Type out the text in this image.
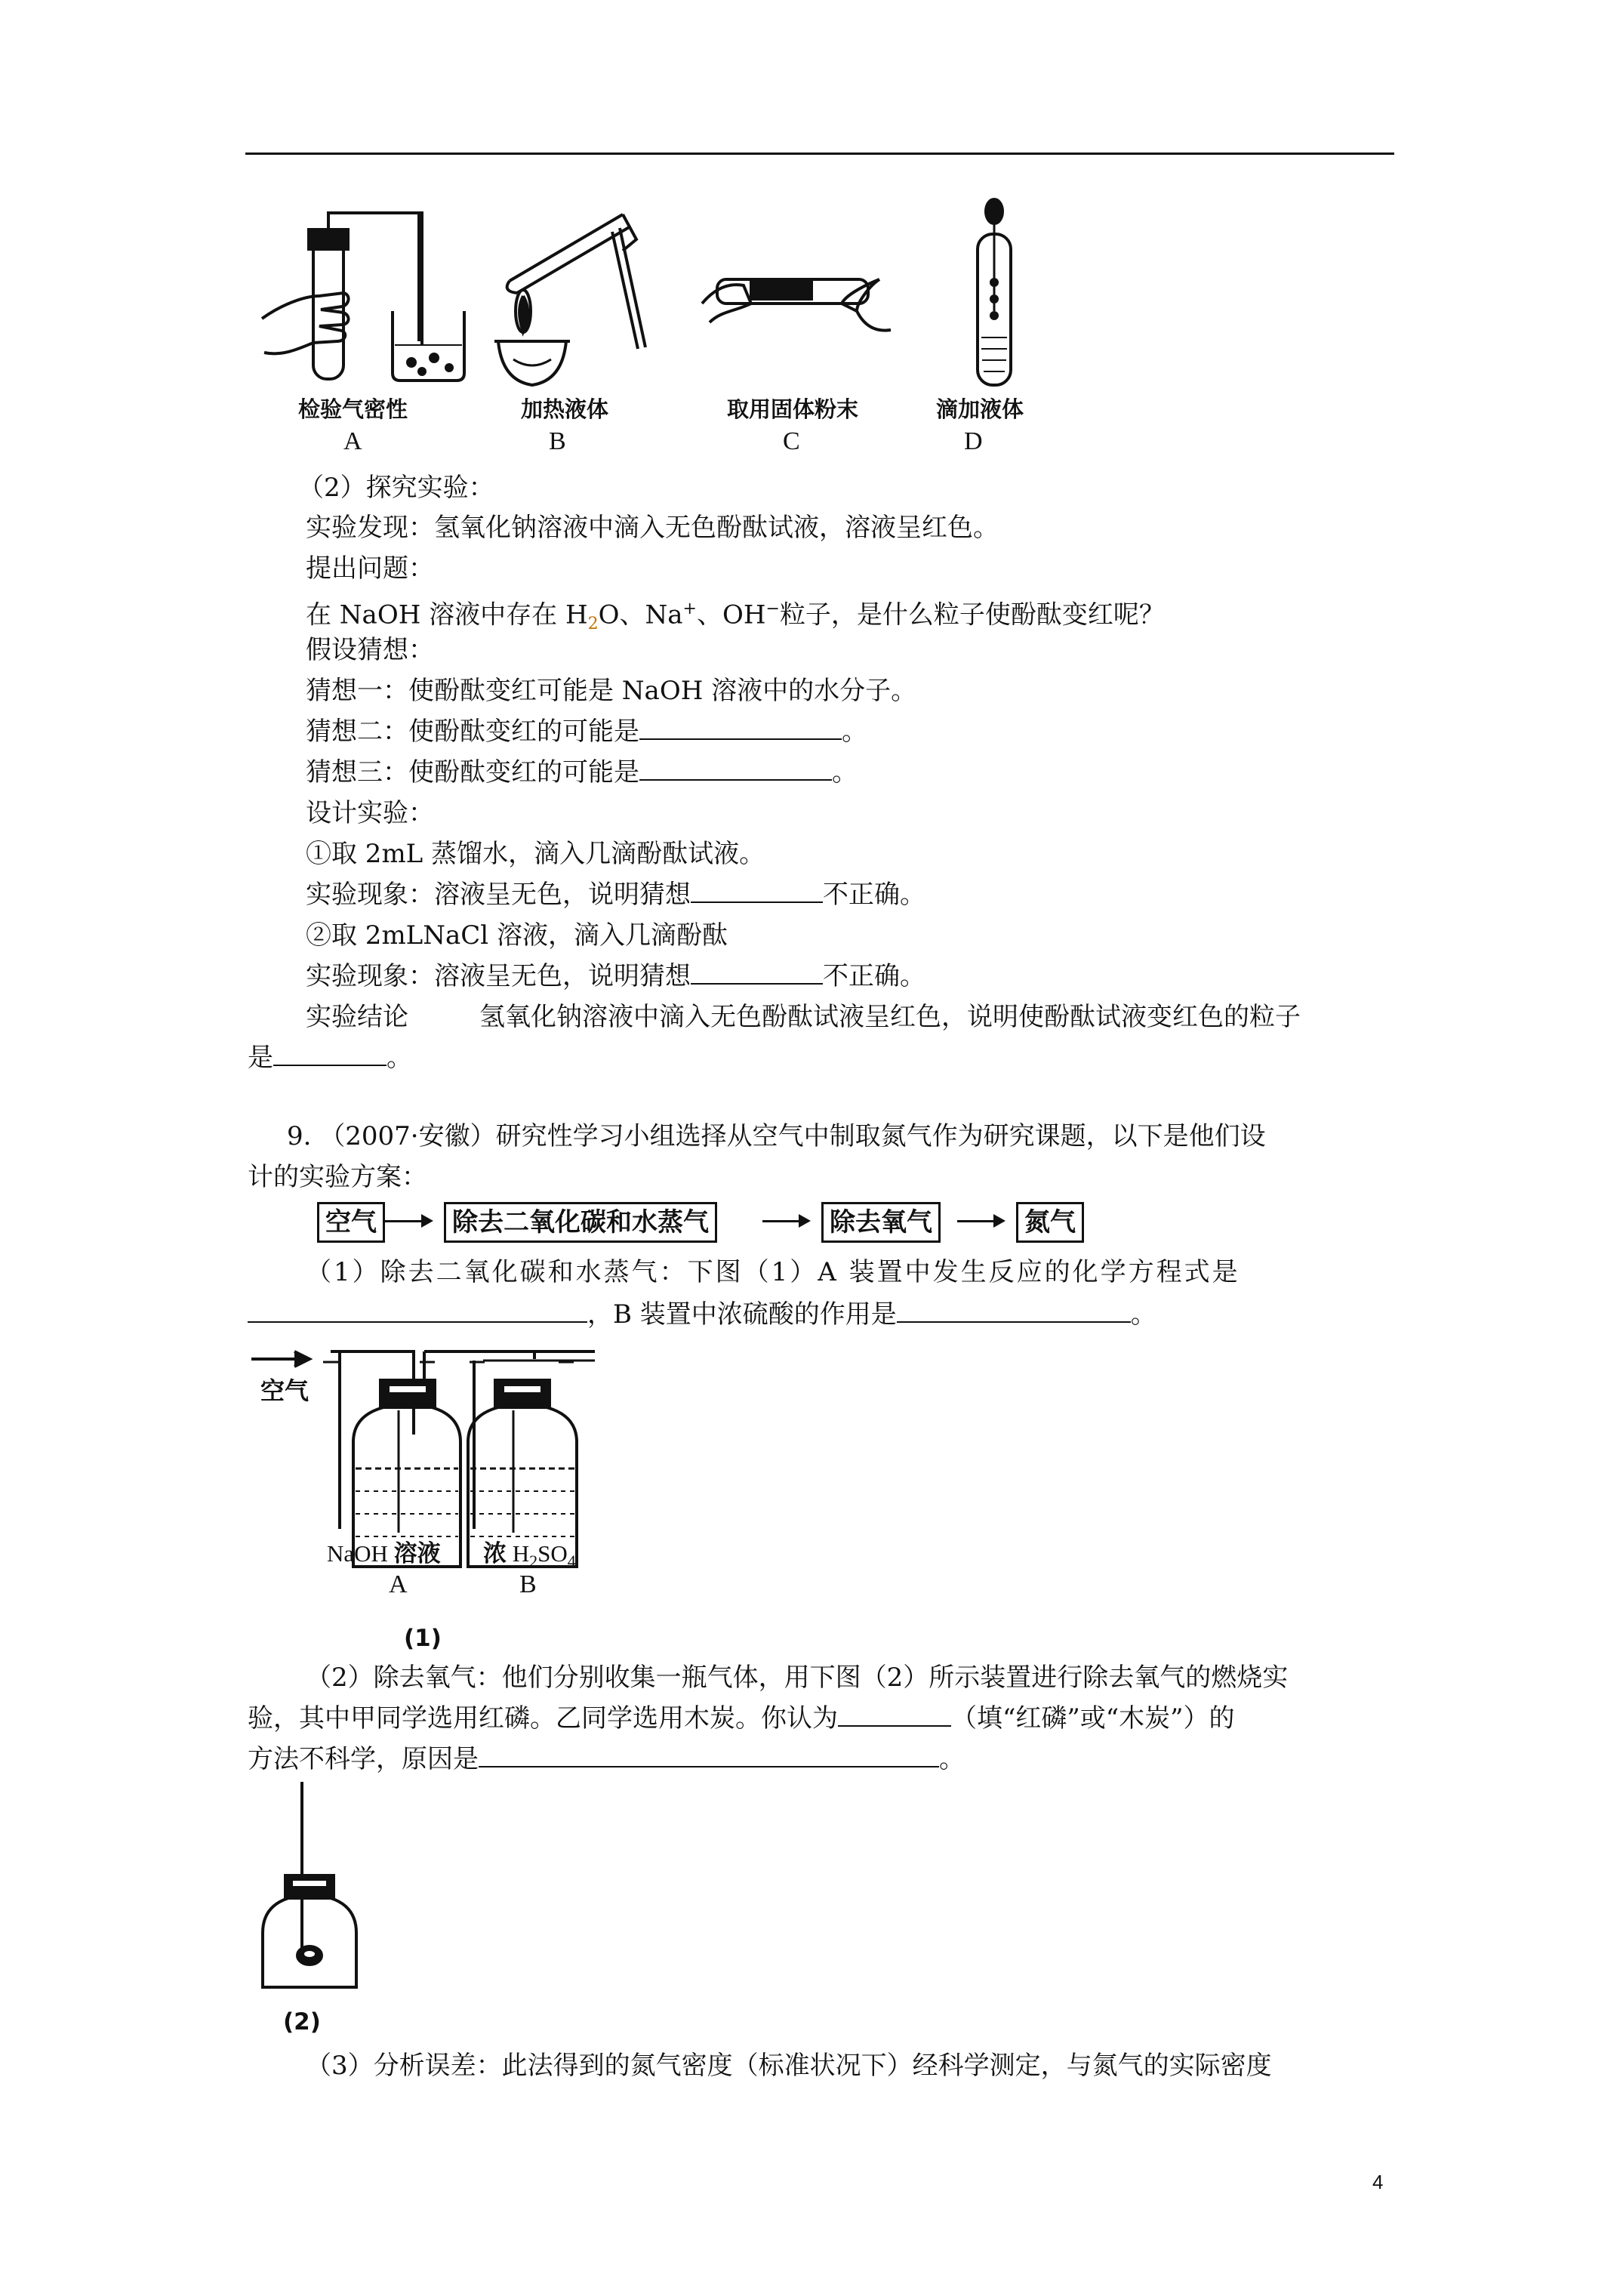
检验气密性	加热液体	取用固体粉末	滴加液体
A	B	C	D
（2）探究实验：
实验发现：氢氧化钠溶液中滴入无色酚酞试液，溶液呈红色。
提出问题：
在 NaOH 溶液中存在 $H_2O$、Na+、OH−粒子，是什么粒子使酚酞变红呢？
假设猜想：
猜想一：使酚酞变红可能是 NaOH 溶液中的水分子。
猜想二：使酚酞变红的可能是	。
猜想三：使酚酞变红的可能是	。
设计实验：
①取 2mL 蒸馏水，滴入几滴酚酞试液。
实验现象：溶液呈无色，说明猜想	不正确。
②取 2mLNaCl 溶液，滴入几滴酚酞
实验现象：溶液呈无色，说明猜想	不正确。
实验结论	氢氧化钠溶液中滴入无色酚酞试液呈红色，说明使酚酞试液变红色的粒子
是	。
9. （2007·安徽）研究性学习小组选择从空气中制取氮气作为研究课题，以下是他们设
计的实验方案：
空气	除去二氧化碳和水蒸气	除去氧气	氮气
（1）除去二氧化碳和水蒸气：下图（1）A 装置中发生反应的化学方程式是
，B 装置中浓硫酸的作用是	。
空气
NaOH 溶液 浓 $H_2SO_4$
A	B
(1)
（2）除去氧气：他们分别收集一瓶气体，用下图（2）所示装置进行除去氧气的燃烧实
验，其中甲同学选用红磷。乙同学选用木炭。你认为	（填“红磷”或“木炭”）的
方法不科学，原因是	。
(2)
（3）分析误差：此法得到的氮气密度（标准状况下）经科学测定，与氮气的实际密度
4
